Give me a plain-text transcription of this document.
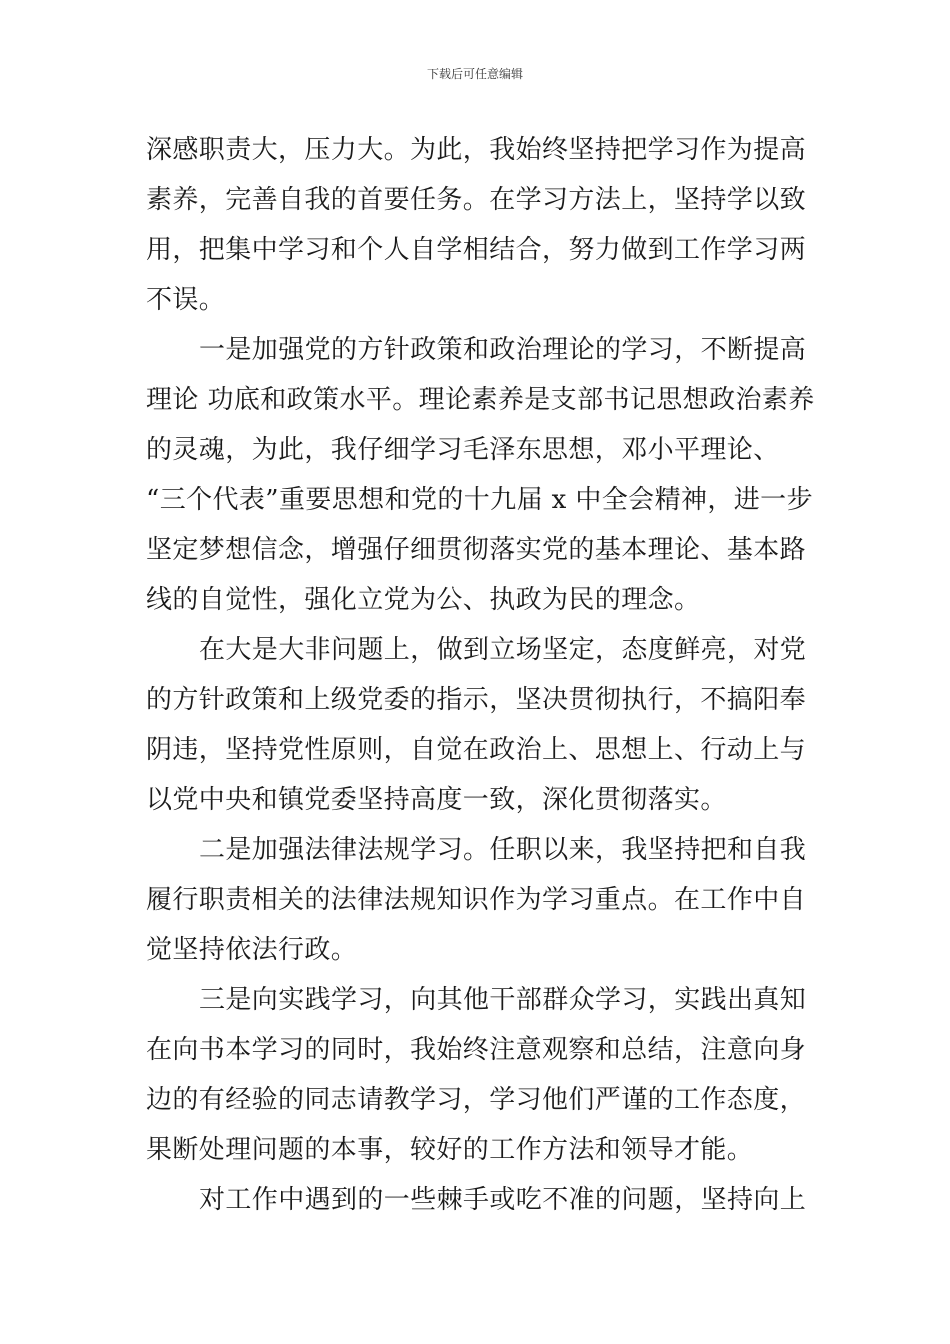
下载后可任意编辑
深感职责大，压力大。为此，我始终坚持把学习作为提高
素养，完善自我的首要任务。在学习方法上，坚持学以致
用，把集中学习和个人自学相结合，努力做到工作学习两
不误。
一是加强党的方针政策和政治理论的学习，不断提高
理论 功底和政策水平。理论素养是支部书记思想政治素养
的灵魂，为此，我仔细学习毛泽东思想，邓小平理论、
“三个代表”重要思想和党的十九届 x 中全会精神，进一步
坚定梦想信念，增强仔细贯彻落实党的基本理论、基本路
线的自觉性，强化立党为公、执政为民的理念。
在大是大非问题上，做到立场坚定，态度鲜亮，对党
的方针政策和上级党委的指示，坚决贯彻执行，不搞阳奉
阴违，坚持党性原则，自觉在政治上、思想上、行动上与
以党中央和镇党委坚持高度一致，深化贯彻落实。
二是加强法律法规学习。任职以来，我坚持把和自我
履行职责相关的法律法规知识作为学习重点。在工作中自
觉坚持依法行政。
三是向实践学习，向其他干部群众学习，实践出真知
在向书本学习的同时，我始终注意观察和总结，注意向身
边的有经验的同志请教学习，学习他们严谨的工作态度，
果断处理问题的本事，较好的工作方法和领导才能。
对工作中遇到的一些棘手或吃不准的问题，坚持向上
